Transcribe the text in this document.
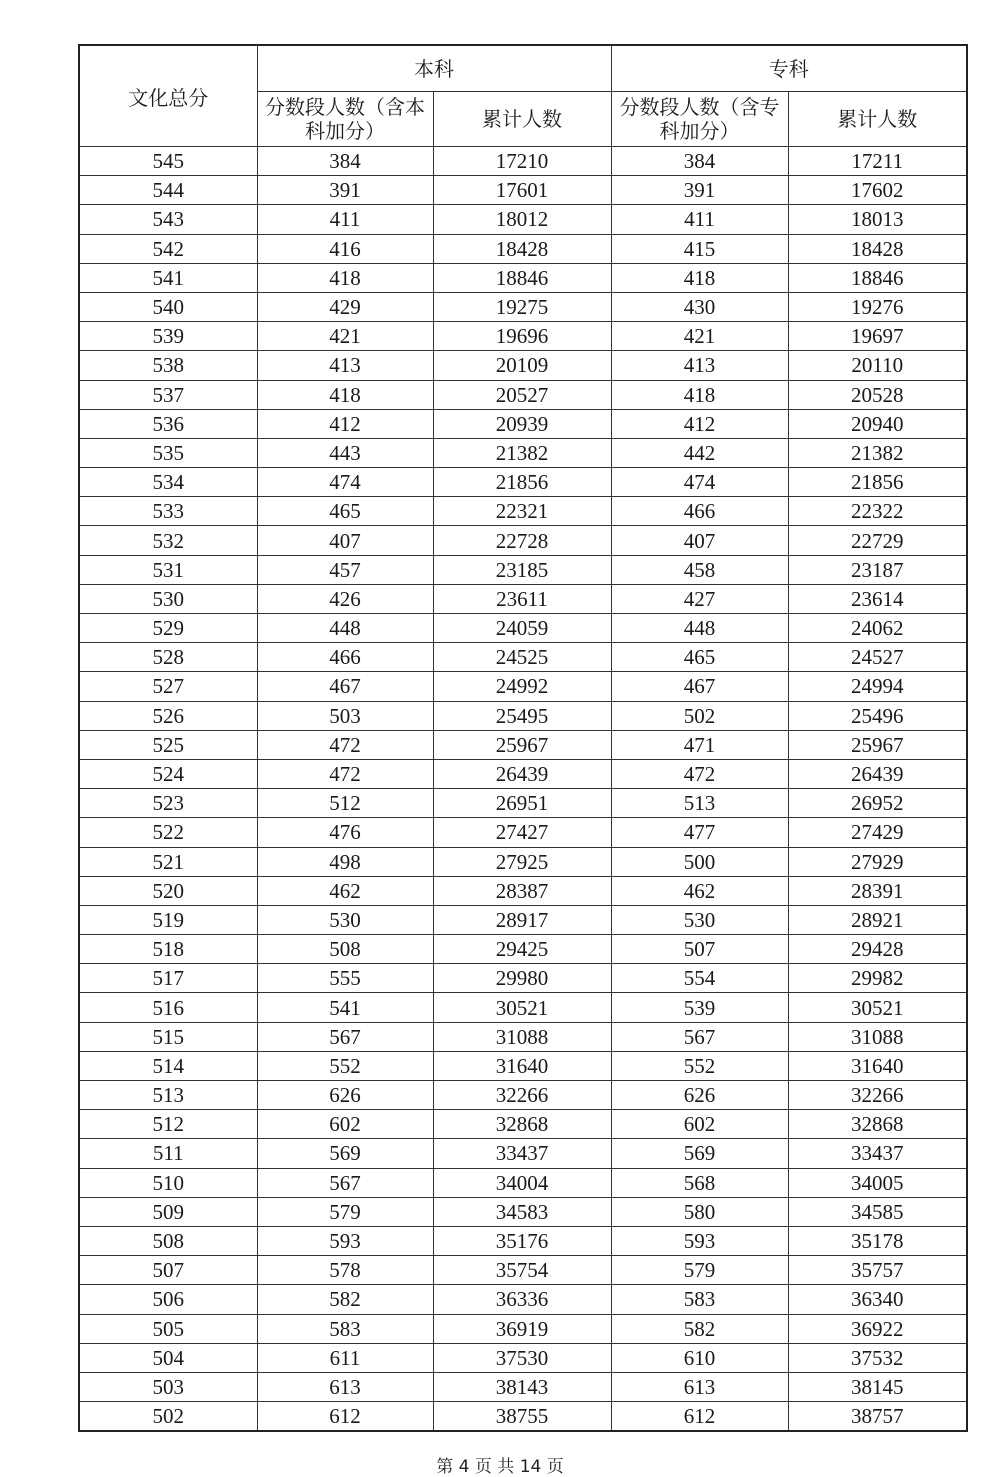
文化总分	本科		专科	
	分数段人数（含本科加分）	累计人数	分数段人数（含专科加分）	累计人数
545	384	17210	384	17211
544	391	17601	391	17602
543	411	18012	411	18013
542	416	18428	415	18428
541	418	18846	418	18846
540	429	19275	430	19276
539	421	19696	421	19697
538	413	20109	413	20110
537	418	20527	418	20528
536	412	20939	412	20940
535	443	21382	442	21382
534	474	21856	474	21856
533	465	22321	466	22322
532	407	22728	407	22729
531	457	23185	458	23187
530	426	23611	427	23614
529	448	24059	448	24062
528	466	24525	465	24527
527	467	24992	467	24994
526	503	25495	502	25496
525	472	25967	471	25967
524	472	26439	472	26439
523	512	26951	513	26952
522	476	27427	477	27429
521	498	27925	500	27929
520	462	28387	462	28391
519	530	28917	530	28921
518	508	29425	507	29428
517	555	29980	554	29982
516	541	30521	539	30521
515	567	31088	567	31088
514	552	31640	552	31640
513	626	32266	626	32266
512	602	32868	602	32868
511	569	33437	569	33437
510	567	34004	568	34005
509	579	34583	580	34585
508	593	35176	593	35178
507	578	35754	579	35757
506	582	36336	583	36340
505	583	36919	582	36922
504	611	37530	610	37532
503	613	38143	613	38145
502	612	38755	612	38757
第 4 页 共 14 页
